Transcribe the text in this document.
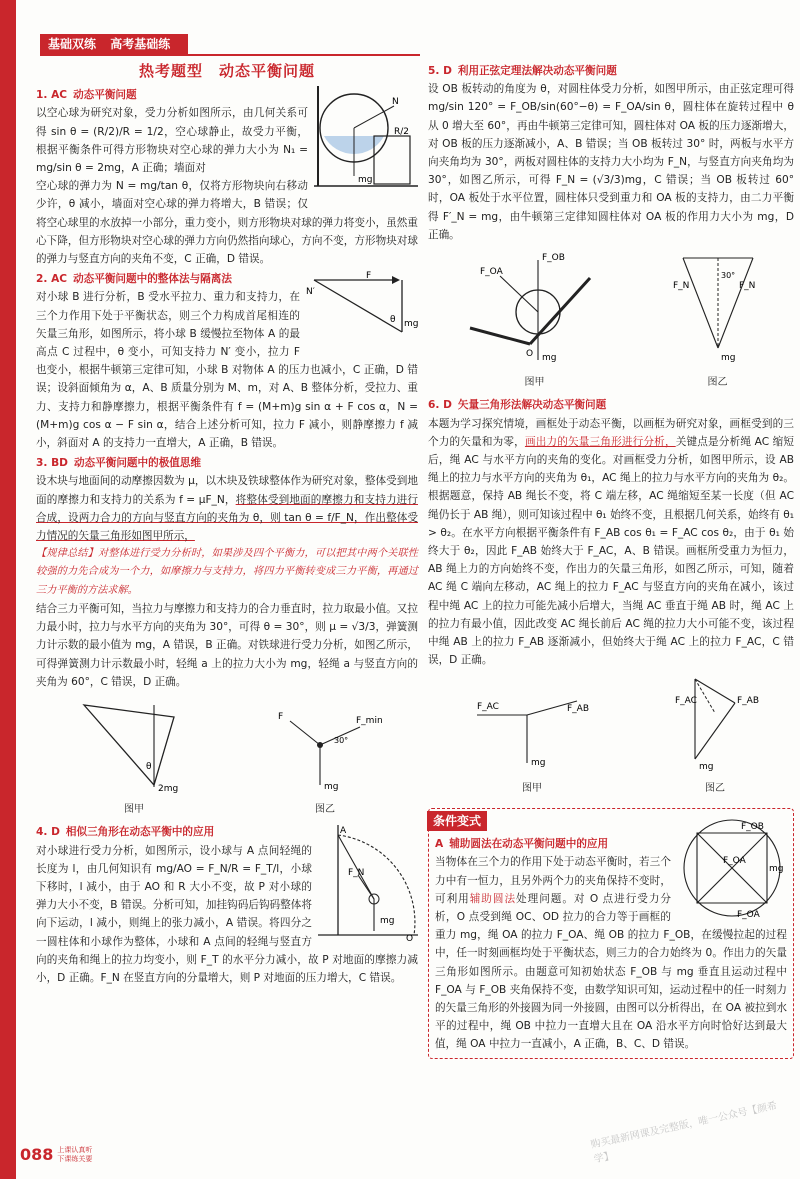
基础双练 高考基础练
热考题型　动态平衡问题
N
mg
R/2

1. AC 动态平衡问题

以空心球为研究对象，受力分析如图所示，由几何关系可得 sin θ = (R/2)/R = 1/2，空心球静止，故受力平衡，根据平衡条件可得方形物块对空心球的弹力大小为 N₁ = mg/sin θ = 2mg，A 正确；墙面对

空心球的弹力为 N = mg/tan θ，仅将方形物块向右移动少许，θ 减小，墙面对空心球的弹力将增大，B 错误；仅将空心球里的水放掉一小部分，重力变小，则方形物块对球的弹力将变小，虽然重心下降，但方形物块对空心球的弹力方向仍然指向球心，方向不变，方形物块对球的弹力与竖直方向的夹角不变，C 正确，D 错误。

F
N′
mg
θ

2. AC 动态平衡问题中的整体法与隔离法

对小球 B 进行分析，B 受水平拉力、重力和支持力，在三个力作用下处于平衡状态，则三个力构成首尾相连的矢量三角形，如图所示，将小球 B 缓慢拉至物体 A 的最高点 C 过程中，θ 变小，可知支持力 N′ 变小，拉力 F 也变小，根据牛顿第三定律可知，小球 B 对物体 A 的压力也减小，C 正确，D 错误；设斜面倾角为 α，A、B 质量分别为 M、m，对 A、B 整体分析，受拉力、重力、支持力和静摩擦力，根据平衡条件有 f = (M+m)g sin α + F cos α，N = (M+m)g cos α − F sin α，结合上述分析可知，拉力 F 减小，则静摩擦力 f 减小，斜面对 A 的支持力一直增大，A 正确，B 错误。

3. BD 动态平衡问题中的极值思维

设木块与地面间的动摩擦因数为 μ，以木块及铁球整体作为研究对象，整体受到地面的摩擦力和支持力的关系为 f = μF_N，将整体受到地面的摩擦力和支持力进行合成，设两力合力的方向与竖直方向的夹角为 θ，则 tan θ = f/F_N，作出整体受力情况的矢量三角形如图甲所示，

【规律总结】对整体进行受力分析时，如果涉及四个平衡力，可以把其中两个关联性较强的力先合成为一个力，如摩擦力与支持力，将四力平衡转变成三力平衡，再通过三力平衡的方法求解。

结合三力平衡可知，当拉力与摩擦力和支持力的合力垂直时，拉力取最小值。又拉力最小时，拉力与水平方向的夹角为 30°，可得 θ = 30°，则 μ = √3/3，弹簧测力计示数的最小值为 mg，A 错误，B 正确。对铁球进行受力分析，如图乙所示，可得弹簧测力计示数最小时，轻绳 a 上的拉力大小为 mg，轻绳 a 与竖直方向的夹角为 60°，C 错误，D 正确。

2mg
θ
图甲
F	F_min
mg
30°
图乙
A
F_N
mg
O

4. D 相似三角形在动态平衡中的应用

对小球进行受力分析，如图所示，设小球与 A 点间轻绳的长度为 l，由几何知识有 mg/AO = F_N/R = F_T/l，小球下移时，l 减小，由于 AO 和 R 大小不变，故 P 对小球的弹力大小不变，B 错误。分析可知，加挂钩码后钩码整体将向下运动，l 减小，则绳上的张力减小，A 错误。将四分之一圆柱体和小球作为整体，小球和 A 点间的轻绳与竖直方向的夹角和绳上的拉力均变小，则 F_T 的水平分力减小，故 P 对地面的摩擦力减小，D 正确。F_N 在竖直方向的分量增大，则 P 对地面的压力增大，C 错误。

5. D 利用正弦定理法解决动态平衡问题

设 OB 板转动的角度为 θ，对圆柱体受力分析，如图甲所示，由正弦定理可得 mg/sin 120° = F_OB/sin(60°−θ) = F_OA/sin θ，圆柱体在旋转过程中 θ 从 0 增大至 60°，再由牛顿第三定律可知，圆柱体对 OA 板的压力逐渐增大，对 OB 板的压力逐渐减小，A、B 错误；当 OB 板转过 30° 时，两板与水平方向夹角均为 30°，两板对圆柱体的支持力大小均为 F_N，与竖直方向夹角均为 30°，如图乙所示，可得 F_N = (√3/3)mg，C 错误；当 OB 板转过 60° 时，OA 板处于水平位置，圆柱体只受到重力和 OA 板的支持力，由二力平衡得 F′_N = mg，由牛顿第三定律知圆柱体对 OA 板的作用力大小为 mg，D 正确。

F_OB
F_OA
mg
O
图甲
F_N	F_N
30°
mg
图乙

6. D 矢量三角形法解决动态平衡问题

本题为学习探究情境，画框处于动态平衡，以画框为研究对象，画框受到的三个力的矢量和为零，画出力的矢量三角形进行分析，关键点是分析绳 AC 缩短后，绳 AC 与水平方向的夹角的变化。对画框受力分析，如图甲所示，设 AB 绳上的拉力与水平方向的夹角为 θ₁，AC 绳上的拉力与水平方向的夹角为 θ₂。根据题意，保持 AB 绳长不变，将 C 端左移，AC 绳缩短至某一长度（但 AC 绳仍长于 AB 绳），则可知该过程中 θ₁ 始终不变，且根据几何关系，始终有 θ₁ > θ₂。在水平方向根据平衡条件有 F_AB cos θ₁ = F_AC cos θ₂，由于 θ₁ 始终大于 θ₂，因此 F_AB 始终大于 F_AC，A、B 错误。画框所受重力为恒力，AB 绳上力的方向始终不变，作出力的矢量三角形，如图乙所示，可知，随着 AC 绳 C 端向左移动，AC 绳上的拉力 F_AC 与竖直方向的夹角在减小，该过程中绳 AC 上的拉力可能先减小后增大，当绳 AC 垂直于绳 AB 时，绳 AC 上的拉力有最小值，因此改变 AC 绳长前后 AC 绳的拉力大小可能不变，该过程中绳 AB 上的拉力 F_AB 逐渐减小，但始终大于绳 AC 上的拉力 F_AC，C 错误，D 正确。

F_AC	F_AB
mg
图甲
F_AB
F_AC
mg
图乙
条件变式	F_OB
F_OA
mg
F_OA

A 辅助圆法在动态平衡问题中的应用

当物体在三个力的作用下处于动态平衡时，若三个力中有一恒力，且另外两个力的夹角保持不变时，可利用辅助圆法处理问题。对 O 点进行受力分析，O 点受到绳 OC、OD 拉力的合力等于画框的重力 mg，绳 OA 的拉力 F_OA、绳 OB 的拉力 F_OB，在缓慢拉起的过程中，任一时刻画框均处于平衡状态，则三力的合力始终为 0。作出力的矢量三角形如图所示。由题意可知初始状态 F_OB 与 mg 垂直且运动过程中 F_OA 与 F_OB 夹角保持不变，由数学知识可知，运动过程中的任一时刻力的矢量三角形的外接圆为同一外接圆，由图可以分析得出，在 OA 被拉到水平的过程中，绳 OB 中拉力一直增大且在 OA 沿水平方向时恰好达到最大值，绳 OA 中拉力一直减小，A 正确，B、C、D 错误。

088 上课认真听
下课练关要
购买最新网课及完整版，唯一公众号【颜希学】
